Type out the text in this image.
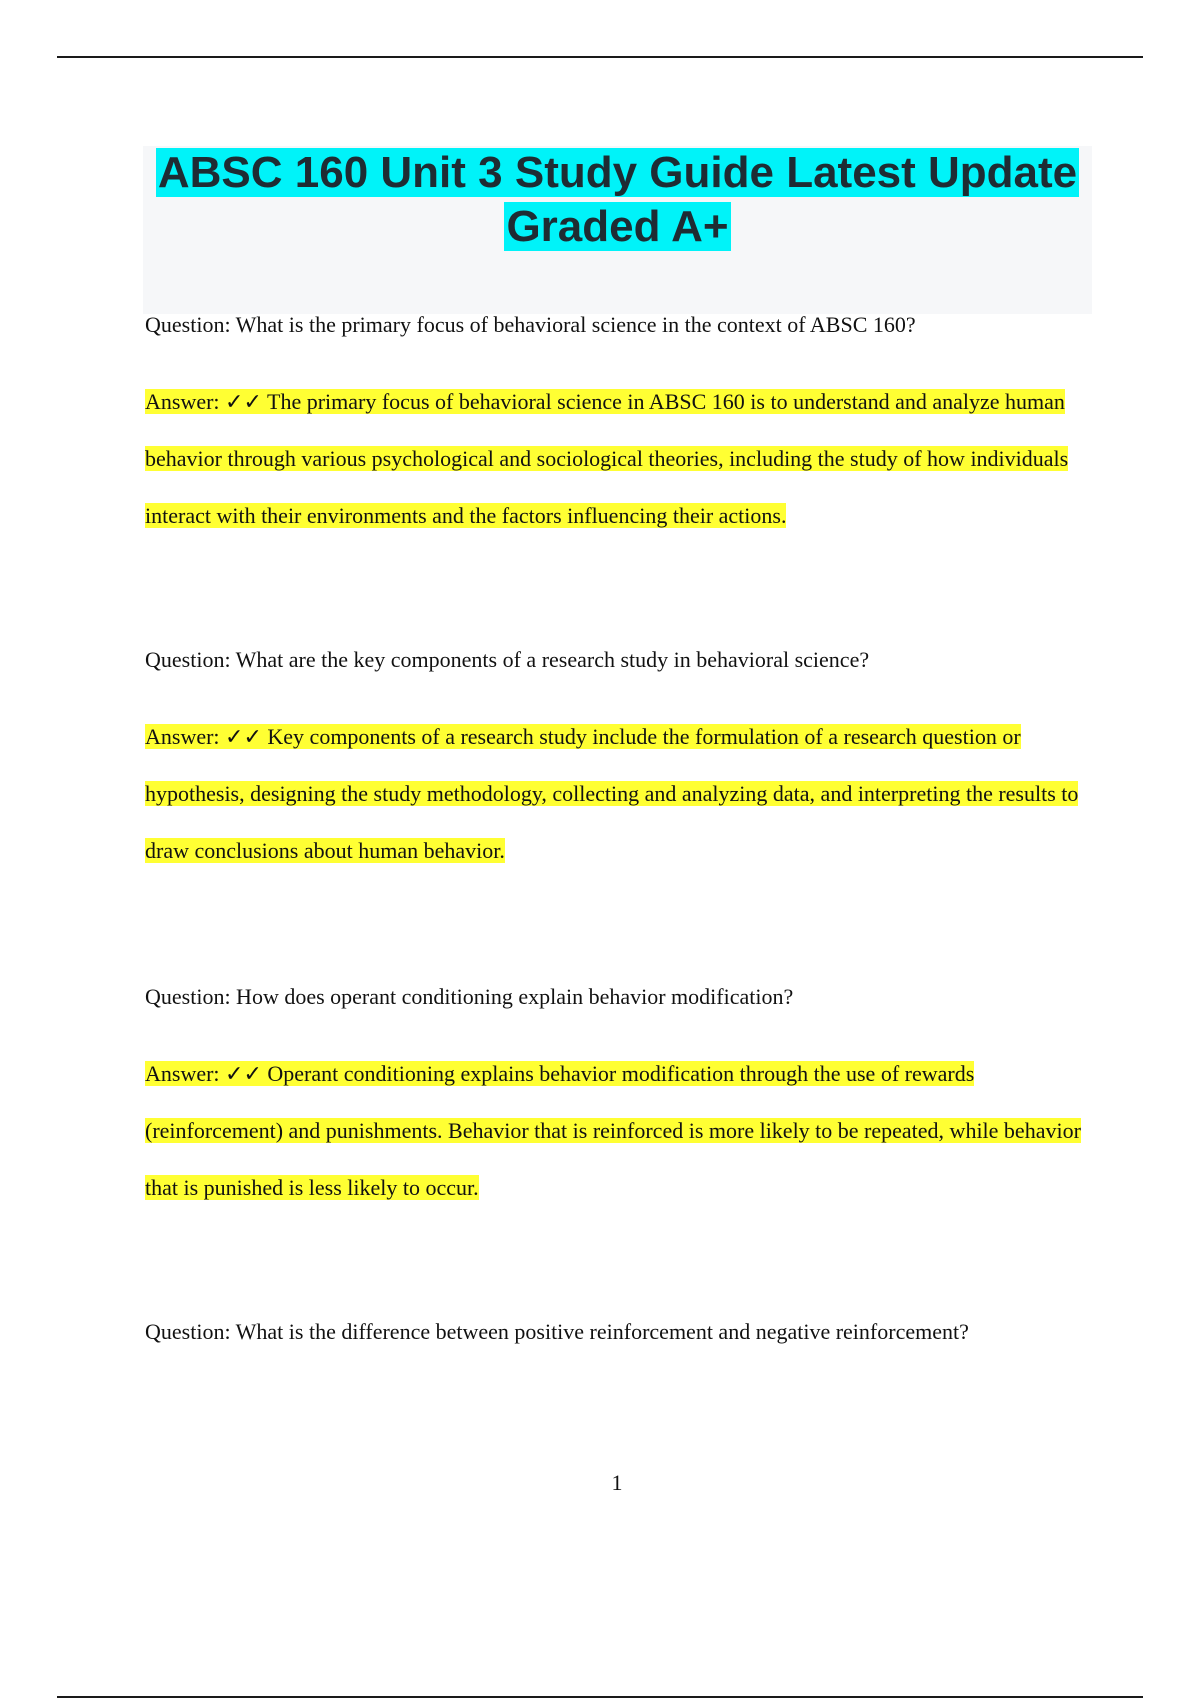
ABSC 160 Unit 3 Study Guide Latest Update Graded A+

Question: What is the primary focus of behavioral science in the context of ABSC 160?

Answer: ✓✓ The primary focus of behavioral science in ABSC 160 is to understand and analyze human behavior through various psychological and sociological theories, including the study of how individuals interact with their environments and the factors influencing their actions.

Question: What are the key components of a research study in behavioral science?

Answer: ✓✓ Key components of a research study include the formulation of a research question or hypothesis, designing the study methodology, collecting and analyzing data, and interpreting the results to draw conclusions about human behavior.

Question: How does operant conditioning explain behavior modification?

Answer: ✓✓ Operant conditioning explains behavior modification through the use of rewards (reinforcement) and punishments. Behavior that is reinforced is more likely to be repeated, while behavior that is punished is less likely to occur.

Question: What is the difference between positive reinforcement and negative reinforcement?

1
